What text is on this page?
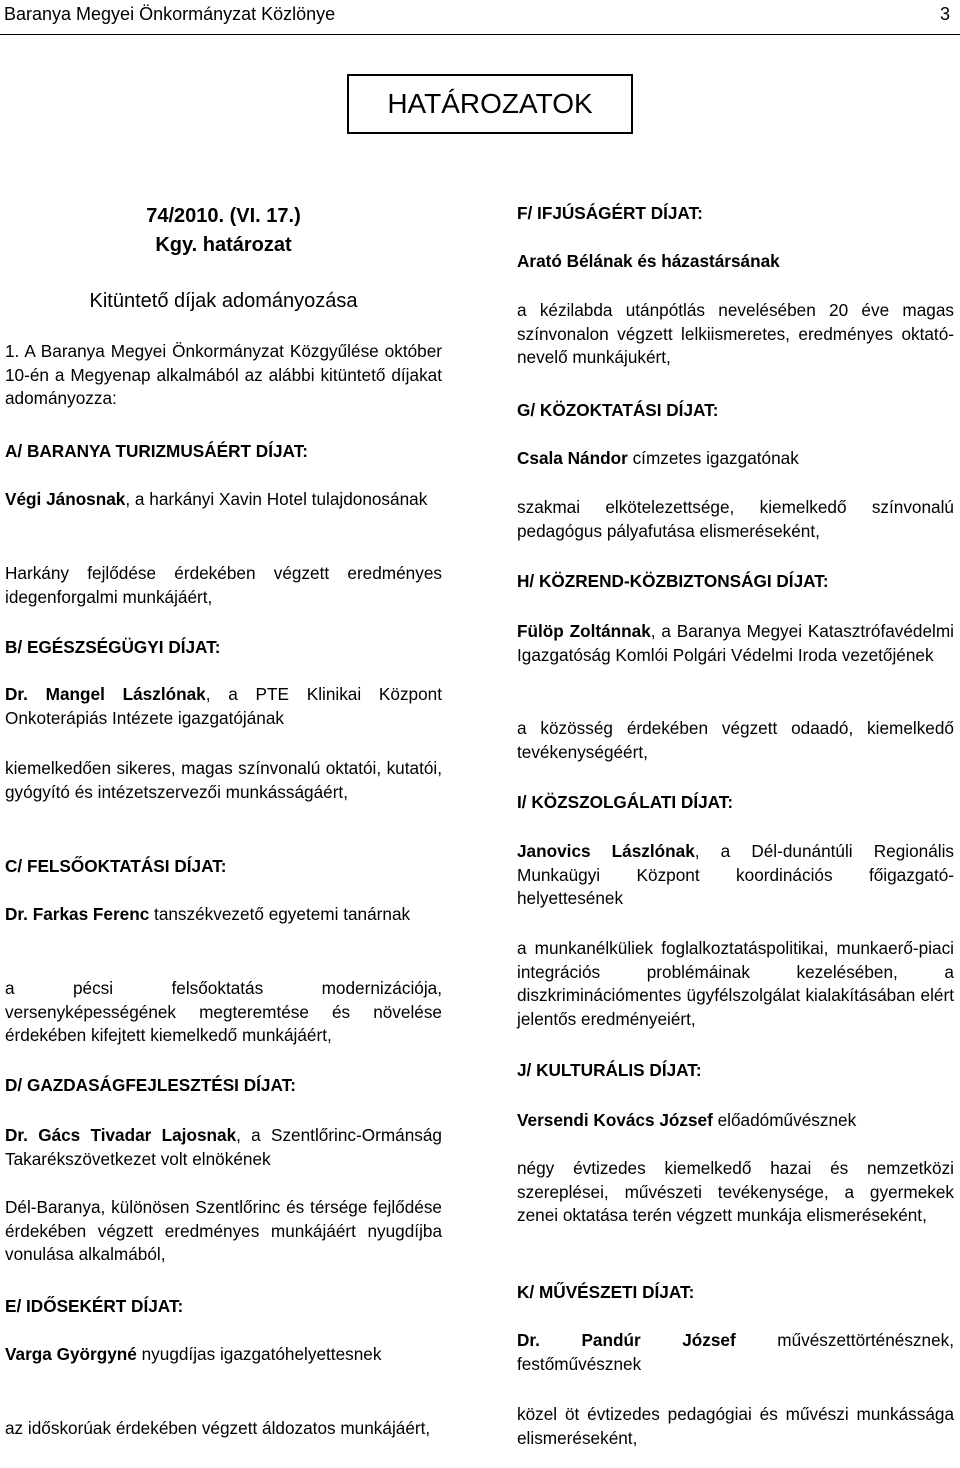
Baranya Megyei Önkormányzat Közlönye	3
HATÁROZATOK

74/2010. (VI. 17.)

Kgy. határozat

Kitüntető díjak adományozása

1. A Baranya Megyei Önkormányzat Közgyűlése október 10-én a Megyenap alkalmából az alábbi kitüntető díjakat adományozza:

A/ BARANYA TURIZMUSÁÉRT DÍJAT:

Végi Jánosnak, a harkányi Xavin Hotel tulajdonosának

Harkány fejlődése érdekében végzett eredményes idegenforgalmi munkájáért,

B/ EGÉSZSÉGÜGYI DÍJAT:

Dr. Mangel Lászlónak, a PTE Klinikai Központ Onkoterápiás Intézete igazgatójának

kiemelkedően sikeres, magas színvonalú oktatói, kutatói, gyógyító és intézetszervezői munkásságáért,

C/ FELSŐOKTATÁSI DÍJAT:

Dr. Farkas Ferenc tanszékvezető egyetemi tanárnak

a pécsi felsőoktatás modernizációja, versenyképességének megteremtése és növelése érdekében kifejtett kiemelkedő munkájáért,

D/ GAZDASÁGFEJLESZTÉSI DÍJAT:

Dr. Gács Tivadar Lajosnak, a Szentlőrinc-Ormánság Takarékszövetkezet volt elnökének

Dél-Baranya, különösen Szentlőrinc és térsége fejlődése érdekében végzett eredményes munkájáért nyugdíjba vonulása alkalmából,

E/ IDŐSEKÉRT DÍJAT:

Varga Györgyné nyugdíjas igazgatóhelyettesnek

az időskorúak érdekében végzett áldozatos munkájáért,

F/ IFJÚSÁGÉRT DÍJAT:

Arató Bélának és házastársának

a kézilabda utánpótlás nevelésében 20 éve magas színvonalon végzett lelkiismeretes, eredményes oktató-nevelő munkájukért,

G/ KÖZOKTATÁSI DÍJAT:

Csala Nándor címzetes igazgatónak

szakmai elkötelezettsége, kiemelkedő színvonalú pedagógus pályafutása elismeréseként,

H/ KÖZREND-KÖZBIZTONSÁGI DÍJAT:

Fülöp Zoltánnak, a Baranya Megyei Katasztrófavédelmi Igazgatóság Komlói Polgári Védelmi Iroda vezetőjének

a közösség érdekében végzett odaadó, kiemelkedő tevékenységéért,

I/ KÖZSZOLGÁLATI DÍJAT:

Janovics Lászlónak, a Dél-dunántúli Regionális Munkaügyi Központ koordinációs főigazgató-helyettesének

a munkanélküliek foglalkoztatáspolitikai, munkaerő-piaci integrációs problémáinak kezelésében, a diszkriminációmentes ügyfélszolgálat kialakításában elért jelentős eredményeiért,

J/ KULTURÁLIS DÍJAT:

Versendi Kovács József előadóművésznek

négy évtizedes kiemelkedő hazai és nemzetközi szereplései, művészeti tevékenysége, a gyermekek zenei oktatása terén végzett munkája elismeréseként,

K/ MŰVÉSZETI DÍJAT:

Dr. Pandúr József művészettörténésznek, festőművésznek

közel öt évtizedes pedagógiai és művészi munkássága elismeréseként,
